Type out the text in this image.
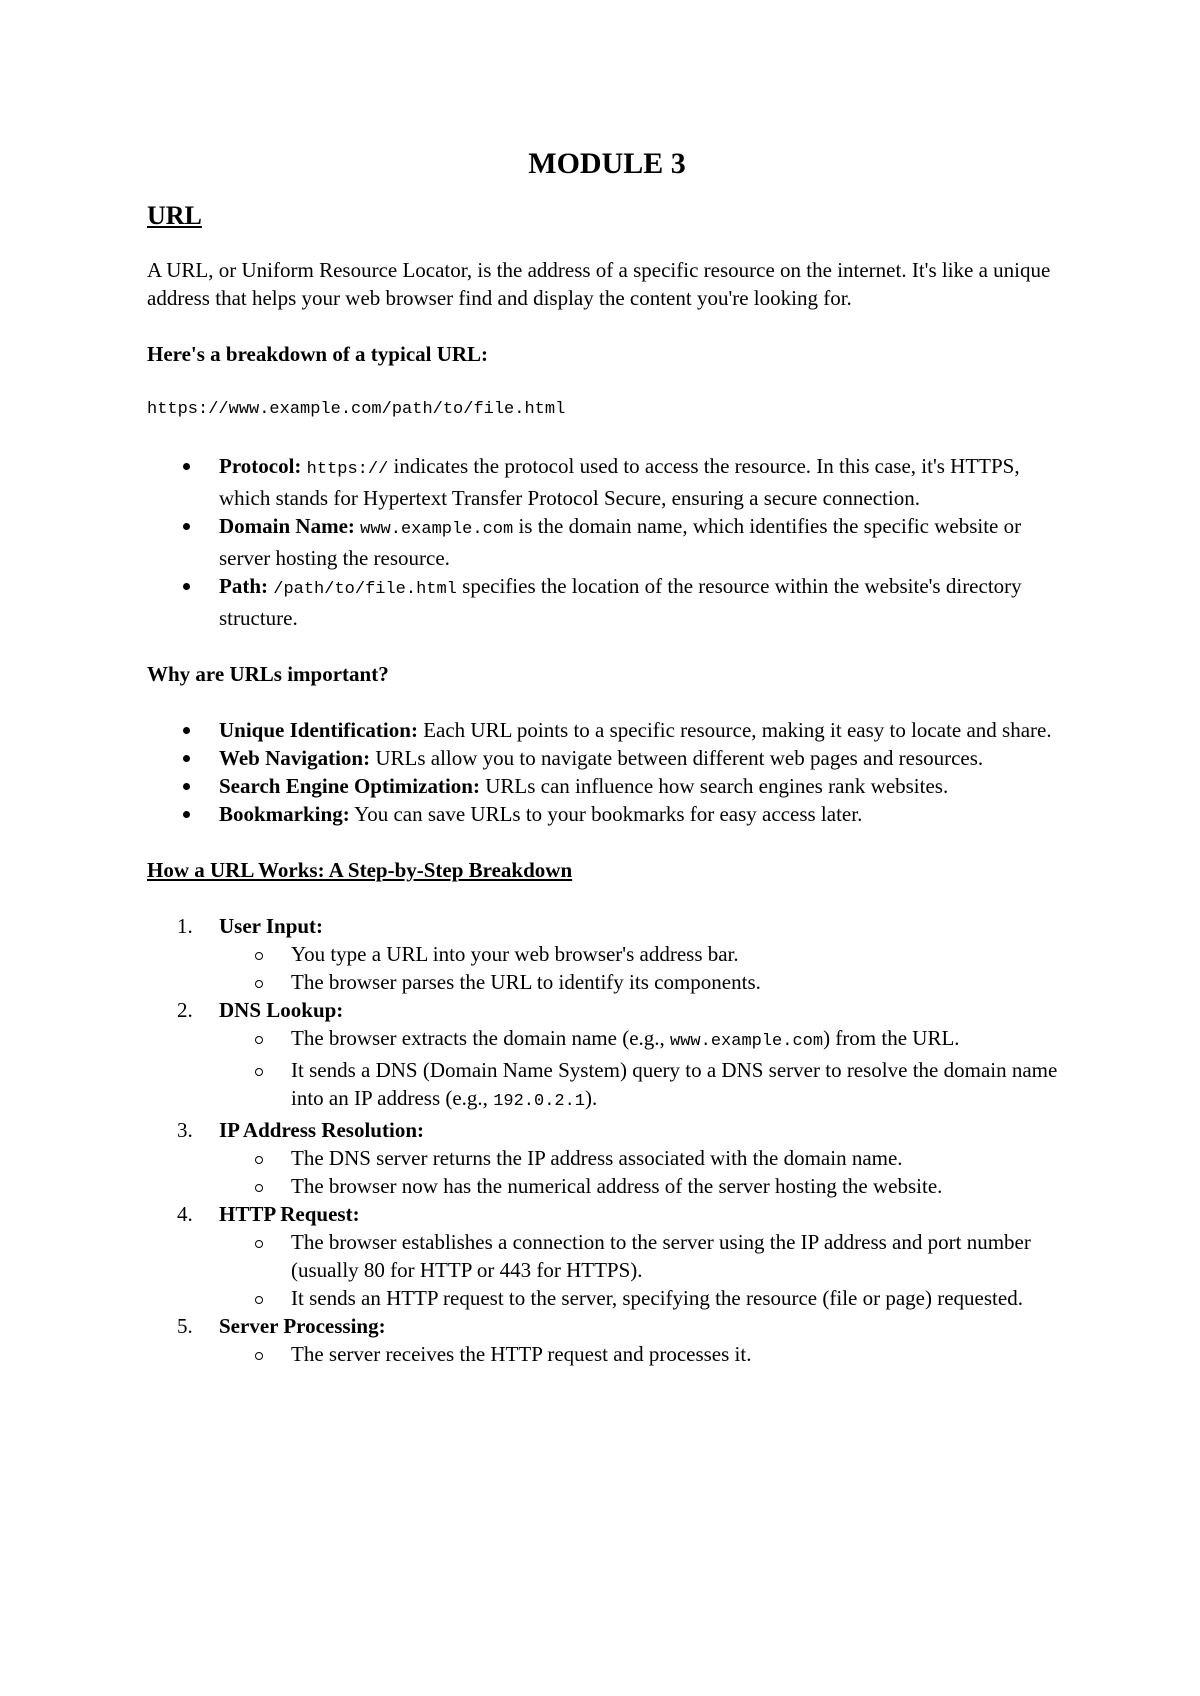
MODULE 3

URL

A URL, or Uniform Resource Locator, is the address of a specific resource on the internet. It's like a unique address that helps your web browser find and display the content you're looking for.

Here's a breakdown of a typical URL:

https://www.example.com/path/to/file.html

Protocol: https:// indicates the protocol used to access the resource. In this case, it's HTTPS, which stands for Hypertext Transfer Protocol Secure, ensuring a secure connection.
Domain Name: www.example.com is the domain name, which identifies the specific website or server hosting the resource.
Path: /path/to/file.html specifies the location of the resource within the website's directory structure.

Why are URLs important?

Unique Identification: Each URL points to a specific resource, making it easy to locate and share.
Web Navigation: URLs allow you to navigate between different web pages and resources.
Search Engine Optimization: URLs can influence how search engines rank websites.
Bookmarking: You can save URLs to your bookmarks for easy access later.

How a URL Works: A Step-by-Step Breakdown

1. User Input:
You type a URL into your web browser's address bar.
The browser parses the URL to identify its components.
2. DNS Lookup:
The browser extracts the domain name (e.g., www.example.com) from the URL.
It sends a DNS (Domain Name System) query to a DNS server to resolve the domain name into an IP address (e.g., 192.0.2.1).
3. IP Address Resolution:
The DNS server returns the IP address associated with the domain name.
The browser now has the numerical address of the server hosting the website.
4. HTTP Request:
The browser establishes a connection to the server using the IP address and port number (usually 80 for HTTP or 443 for HTTPS).
It sends an HTTP request to the server, specifying the resource (file or page) requested.
5. Server Processing:
The server receives the HTTP request and processes it.
